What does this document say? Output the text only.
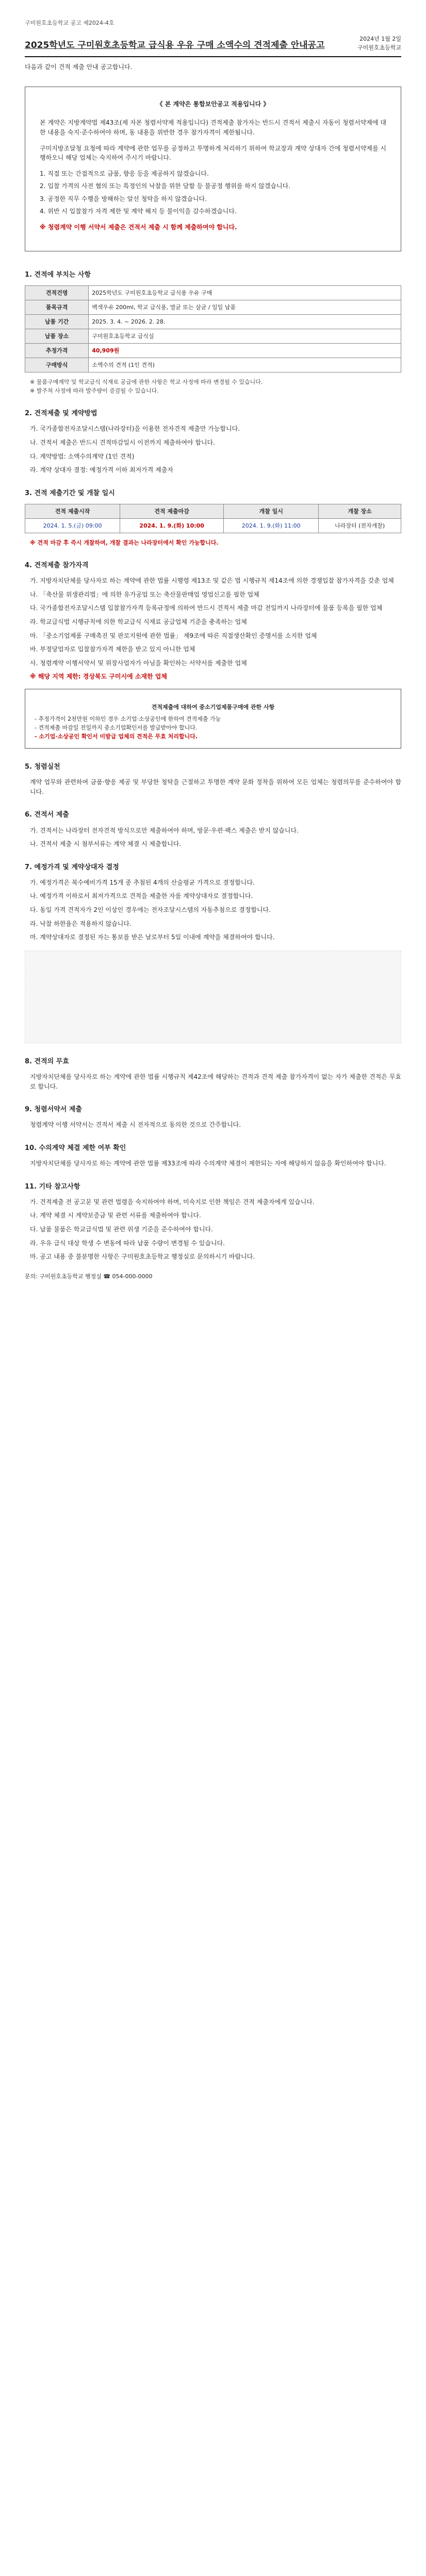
구미원호초등학교 공고 제2024-4호
2025학년도 구미원호초등학교 급식용 우유 구매 소액수의 견적제출 안내공고
2024년 1월 2일
구미원호초등학교
다음과 같이 견적 제출 안내 공고합니다.
《 본 계약은 통합보안공고 적용입니다 》

본 계약은 지방계약법 제43조(제 자본 청렴서약제 적용입니다) 견적제출 참가자는 반드시 견적서 제출시 자동이 청렴서약제에 대한 내용을 숙지·준수하여야 하며, 동 내용을 위반한 경우 참가자격이 제한됩니다.

구미지방조달청 요청에 따라 계약에 관한 업무를 공정하고 투명하게 처리하기 위하여 학교장과 계약 상대자 간에 청렴서약제를 시행하오니 해당 업체는 숙지하여 주시기 바랍니다.

1. 직접 또는 간접적으로 금품, 향응 등을 제공하지 않겠습니다.
2. 입찰 가격의 사전 협의 또는 특정인의 낙찰을 위한 담합 등 불공정 행위를 하지 않겠습니다.
3. 공정한 직무 수행을 방해하는 알선 청탁을 하지 않겠습니다.
4. 위반 시 입찰참가 자격 제한 및 계약 해지 등 불이익을 감수하겠습니다.

※ 청렴계약 이행 서약서 제출은 견적서 제출 시 함께 제출하여야 합니다.

1. 견적에 부치는 사항
견적건명	2025학년도 구미원호초등학교 급식용 우유 구매
품목규격	백색우유 200ml, 학교 급식용, 멸균 또는 살균 / 일일 납품
납품 기간	2025. 3. 4. ~ 2026. 2. 28.
납품 장소	구미원호초등학교 급식실
추정가격	40,909원
구매방식	소액수의 견적 (1인 견적)
※ 물품구매계약 및 학교급식 식재료 공급에 관한 사항은 학교 사정에 따라 변경될 수 있습니다.
※ 발주처 사정에 따라 발주량이 증감될 수 있습니다.
2. 견적제출 및 계약방법

가. 국가종합전자조달시스템(나라장터)을 이용한 전자견적 제출만 가능합니다.

나. 견적서 제출은 반드시 견적마감일시 이전까지 제출하여야 합니다.

다. 계약방법: 소액수의계약 (1인 견적)

라. 계약 상대자 결정: 예정가격 이하 최저가격 제출자

3. 견적 제출기간 및 개찰 일시
견적 제출시작	견적 제출마감	개찰 일시	개찰 장소
2024. 1. 5.(금) 09:00	2024. 1. 9.(화) 10:00	2024. 1. 9.(화) 11:00	나라장터 (전자개찰)
※ 견적 마감 후 즉시 개찰하며, 개찰 결과는 나라장터에서 확인 가능합니다.
4. 견적제출 참가자격

가. 지방자치단체를 당사자로 하는 계약에 관한 법률 시행령 제13조 및 같은 법 시행규칙 제14조에 의한 경쟁입찰 참가자격을 갖춘 업체

나. 「축산물 위생관리법」에 의한 유가공업 또는 축산물판매업 영업신고를 필한 업체

다. 국가종합전자조달시스템 입찰참가자격 등록규정에 의하여 반드시 견적서 제출 마감 전일까지 나라장터에 물품 등록을 필한 업체

라. 학교급식법 시행규칙에 의한 학교급식 식재료 공급업체 기준을 충족하는 업체

마. 「중소기업제품 구매촉진 및 판로지원에 관한 법률」 제9조에 따른 직접생산확인 증명서를 소지한 업체

바. 부정당업자로 입찰참가자격 제한을 받고 있지 아니한 업체

사. 청렴계약 이행서약서 및 위장사업자가 아님을 확인하는 서약서를 제출한 업체

※ 해당 지역 제한: 경상북도 구미시에 소재한 업체

견적제출에 대하여 중소기업제품구매에 관한 사항
- 추정가격이 2천만원 이하인 경우 소기업·소상공인에 한하여 견적제출 가능
- 견적제출 마감일 전일까지 중소기업확인서를 발급받아야 합니다.
- 소기업·소상공인 확인서 미발급 업체의 견적은 무효 처리합니다.
5. 청렴실천

계약 업무와 관련하여 금품·향응 제공 및 부당한 청탁을 근절하고 투명한 계약 문화 정착을 위하여 모든 업체는 청렴의무를 준수하여야 합니다.

6. 견적서 제출

가. 견적서는 나라장터 전자견적 방식으로만 제출하여야 하며, 방문·우편·팩스 제출은 받지 않습니다.

나. 견적서 제출 시 첨부서류는 계약 체결 시 제출합니다.

7. 예정가격 및 계약상대자 결정

가. 예정가격은 복수예비가격 15개 중 추첨된 4개의 산술평균 가격으로 결정합니다.

나. 예정가격 이하로서 최저가격으로 견적을 제출한 자를 계약상대자로 결정합니다.

다. 동일 가격 견적자가 2인 이상인 경우에는 전자조달시스템의 자동추첨으로 결정합니다.

라. 낙찰 하한율은 적용하지 않습니다.

마. 계약상대자로 결정된 자는 통보를 받은 날로부터 5일 이내에 계약을 체결하여야 합니다.

8. 견적의 무효

지방자치단체를 당사자로 하는 계약에 관한 법률 시행규칙 제42조에 해당하는 견적과 견적 제출 참가자격이 없는 자가 제출한 견적은 무효로 합니다.

9. 청렴서약서 제출

청렴계약 이행 서약서는 견적서 제출 시 전자적으로 동의한 것으로 간주합니다.

10. 수의계약 체결 제한 여부 확인

지방자치단체를 당사자로 하는 계약에 관한 법률 제33조에 따라 수의계약 체결이 제한되는 자에 해당하지 않음을 확인하여야 합니다.

11. 기타 참고사항

가. 견적제출 전 공고문 및 관련 법령을 숙지하여야 하며, 미숙지로 인한 책임은 견적 제출자에게 있습니다.

나. 계약 체결 시 계약보증금 및 관련 서류를 제출하여야 합니다.

다. 납품 물품은 학교급식법 및 관련 위생 기준을 준수하여야 합니다.

라. 우유 급식 대상 학생 수 변동에 따라 납품 수량이 변경될 수 있습니다.

마. 공고 내용 중 불분명한 사항은 구미원호초등학교 행정실로 문의하시기 바랍니다.

문의: 구미원호초등학교 행정실 ☎ 054-000-0000
